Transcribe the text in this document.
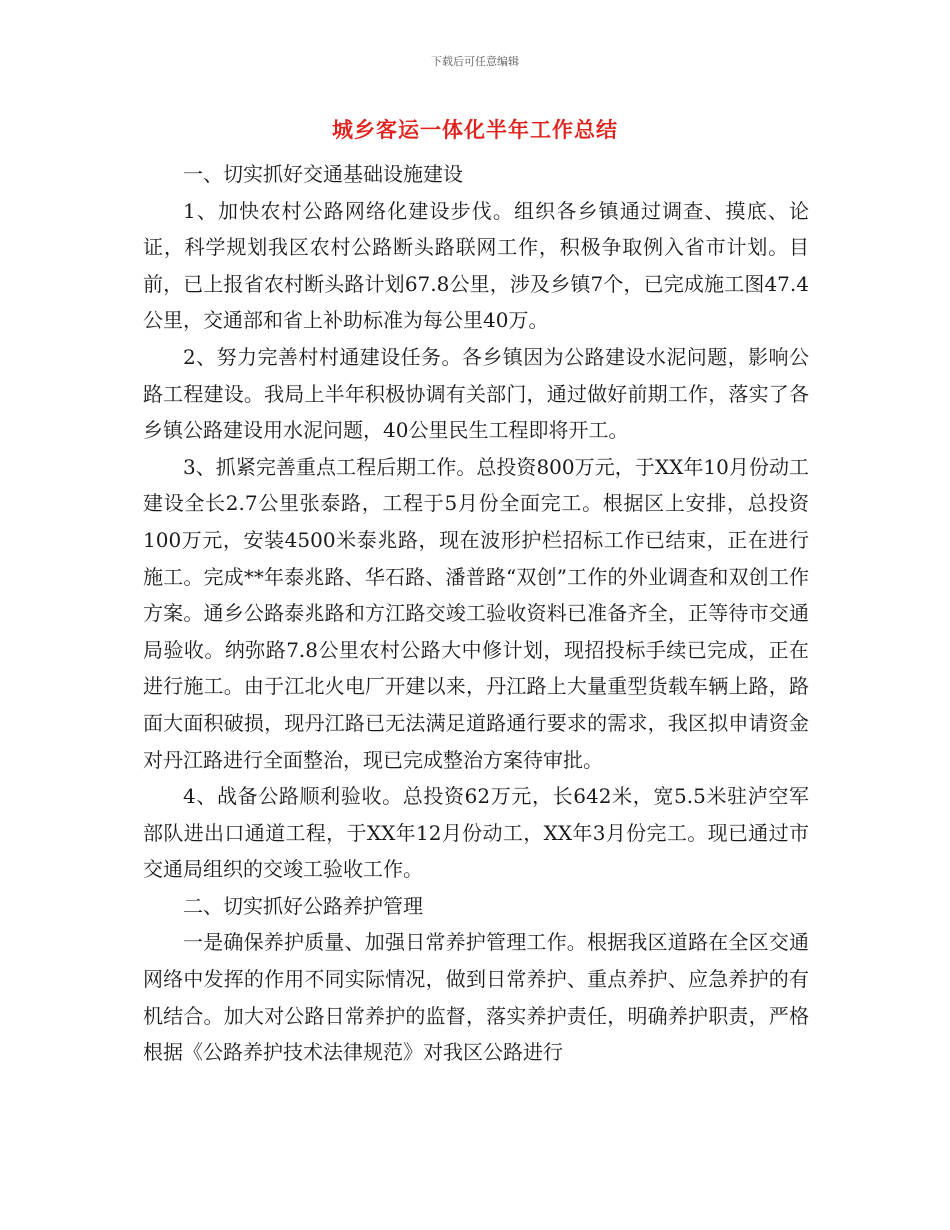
下载后可任意编辑
城乡客运一体化半年工作总结

一、切实抓好交通基础设施建设

1、加快农村公路网络化建设步伐。组织各乡镇通过调查、摸底、论证，科学规划我区农村公路断头路联网工作，积极争取例入省市计划。目前，已上报省农村断头路计划67.8公里，涉及乡镇7个，已完成施工图47.4公里，交通部和省上补助标准为每公里40万。

2、努力完善村村通建设任务。各乡镇因为公路建设水泥问题，影响公路工程建设。我局上半年积极协调有关部门，通过做好前期工作，落实了各乡镇公路建设用水泥问题，40公里民生工程即将开工。

3、抓紧完善重点工程后期工作。总投资800万元，于XX年10月份动工建设全长2.7公里张泰路，工程于5月份全面完工。根据区上安排，总投资100万元，安装4500米泰兆路，现在波形护栏招标工作已结束，正在进行施工。完成**年泰兆路、华石路、潘普路“双创”工作的外业调查和双创工作方案。通乡公路泰兆路和方江路交竣工验收资料已准备齐全，正等待市交通局验收。纳弥路7.8公里农村公路大中修计划，现招投标手续已完成，正在进行施工。由于江北火电厂开建以来，丹江路上大量重型货载车辆上路，路面大面积破损，现丹江路已无法满足道路通行要求的需求，我区拟申请资金对丹江路进行全面整治，现已完成整治方案待审批。

4、战备公路顺利验收。总投资62万元，长642米，宽5.5米驻泸空军部队进出口通道工程，于XX年12月份动工，XX年3月份完工。现已通过市交通局组织的交竣工验收工作。

二、切实抓好公路养护管理

一是确保养护质量、加强日常养护管理工作。根据我区道路在全区交通网络中发挥的作用不同实际情况，做到日常养护、重点养护、应急养护的有机结合。加大对公路日常养护的监督，落实养护责任，明确养护职责，严格根据《公路养护技术法律规范》对我区公路进行
